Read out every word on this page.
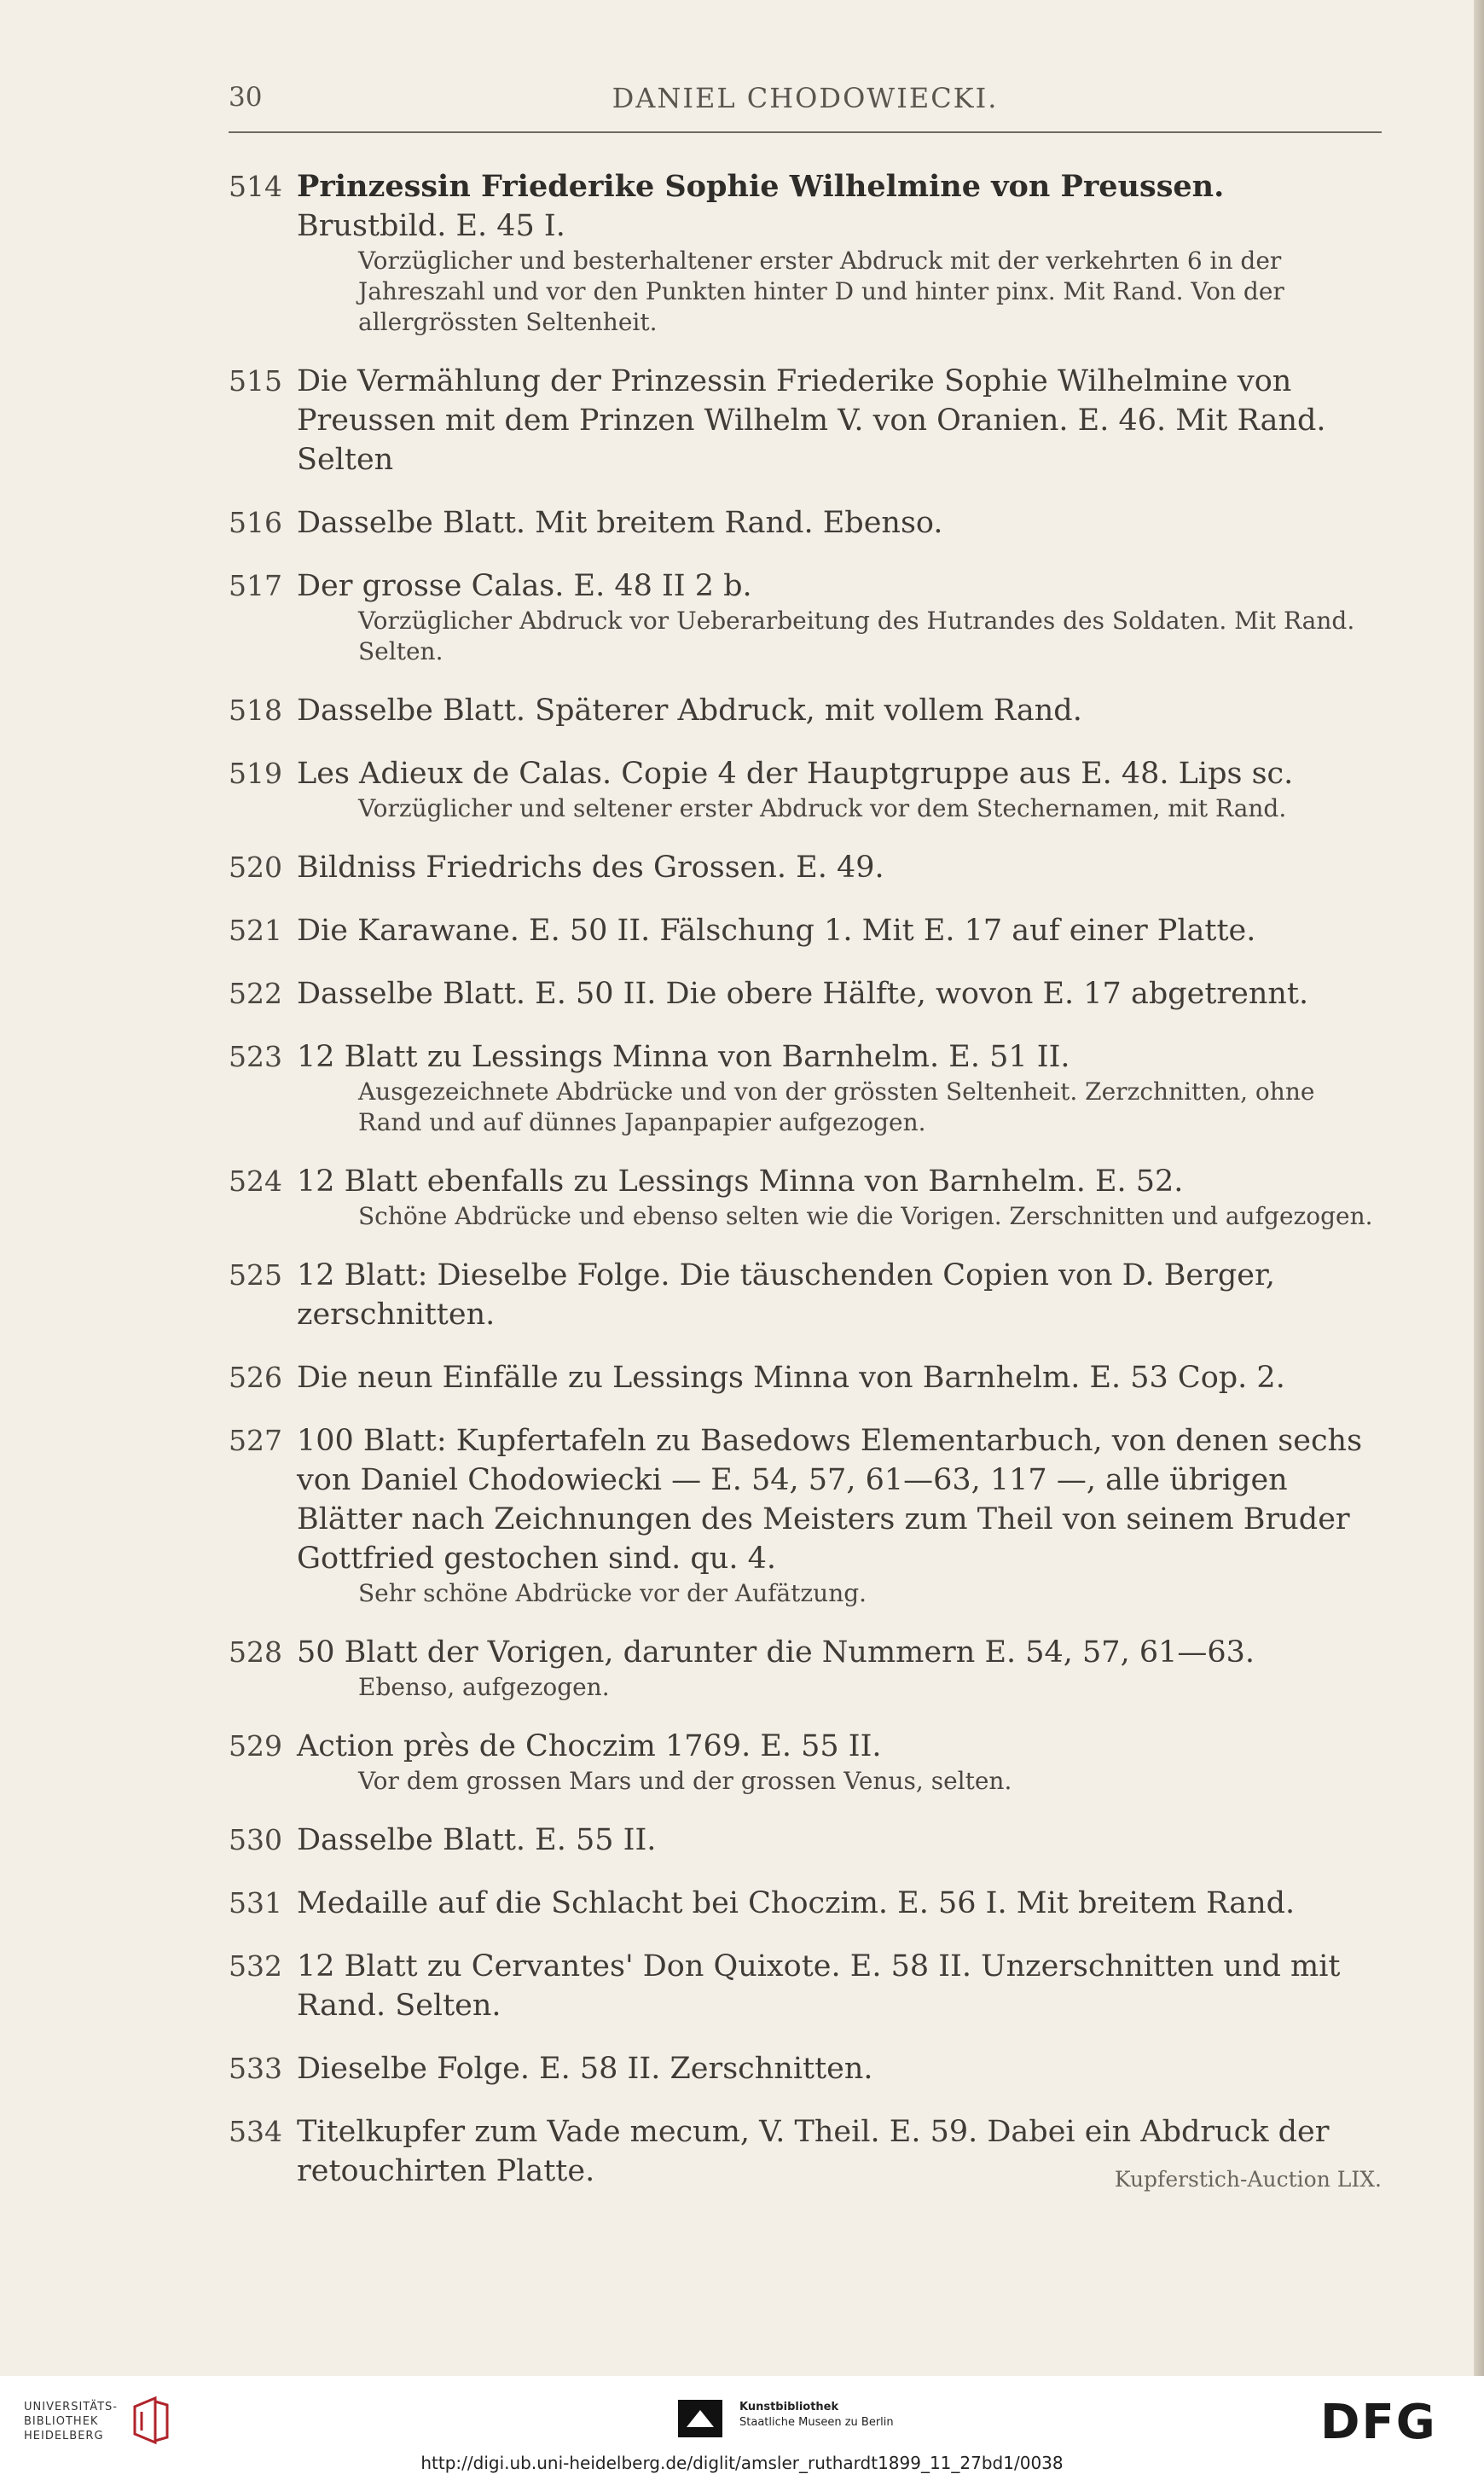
30	DANIEL CHODOWIECKI.
514 Prinzessin Friederike Sophie Wilhelmine von Preussen. Brustbild. E. 45 I.
Vorzüglicher und besterhaltener erster Abdruck mit der verkehrten 6 in der Jahreszahl und vor den Punkten hinter D und hinter pinx. Mit Rand. Von der allergrössten Seltenheit.
515 Die Vermählung der Prinzessin Friederike Sophie Wilhelmine von Preussen mit dem Prinzen Wilhelm V. von Oranien. E. 46. Mit Rand. Selten
516 Dasselbe Blatt. Mit breitem Rand. Ebenso.
517 Der grosse Calas. E. 48 II 2 b.
Vorzüglicher Abdruck vor Ueberarbeitung des Hutrandes des Soldaten. Mit Rand. Selten.
518 Dasselbe Blatt. Späterer Abdruck, mit vollem Rand.
519 Les Adieux de Calas. Copie 4 der Hauptgruppe aus E. 48. Lips sc.
Vorzüglicher und seltener erster Abdruck vor dem Stechernamen, mit Rand.
520 Bildniss Friedrichs des Grossen. E. 49.
521 Die Karawane. E. 50 II. Fälschung 1. Mit E. 17 auf einer Platte.
522 Dasselbe Blatt. E. 50 II. Die obere Hälfte, wovon E. 17 abgetrennt.
523 12 Blatt zu Lessings Minna von Barnhelm. E. 51 II.
Ausgezeichnete Abdrücke und von der grössten Seltenheit. Zerzchnitten, ohne Rand und auf dünnes Japanpapier aufgezogen.
524 12 Blatt ebenfalls zu Lessings Minna von Barnhelm. E. 52.
Schöne Abdrücke und ebenso selten wie die Vorigen. Zerschnitten und aufgezogen.
525 12 Blatt: Dieselbe Folge. Die täuschenden Copien von D. Berger, zerschnitten.
526 Die neun Einfälle zu Lessings Minna von Barnhelm. E. 53 Cop. 2.
527 100 Blatt: Kupfertafeln zu Basedows Elementarbuch, von denen sechs von Daniel Chodowiecki — E. 54, 57, 61—63, 117 —, alle übrigen Blätter nach Zeichnungen des Meisters zum Theil von seinem Bruder Gottfried gestochen sind. qu. 4.
Sehr schöne Abdrücke vor der Aufätzung.
528 50 Blatt der Vorigen, darunter die Nummern E. 54, 57, 61—63.
Ebenso, aufgezogen.
529 Action près de Choczim 1769. E. 55 II.
Vor dem grossen Mars und der grossen Venus, selten.
530 Dasselbe Blatt. E. 55 II.
531 Medaille auf die Schlacht bei Choczim. E. 56 I. Mit breitem Rand.
532 12 Blatt zu Cervantes' Don Quixote. E. 58 II. Unzerschnitten und mit Rand. Selten.
533 Dieselbe Folge. E. 58 II. Zerschnitten.
534 Titelkupfer zum Vade mecum, V. Theil. E. 59. Dabei ein Abdruck der retouchirten Platte.	Kupferstich-Auction LIX.
UNIVERSITÄTS-
BIBLIOTHEK
HEIDELBERG
Kunstbibliothek
Staatliche Museen zu Berlin	DFG
http://digi.ub.uni-heidelberg.de/diglit/amsler_ruthardt1899_11_27bd1/0038
